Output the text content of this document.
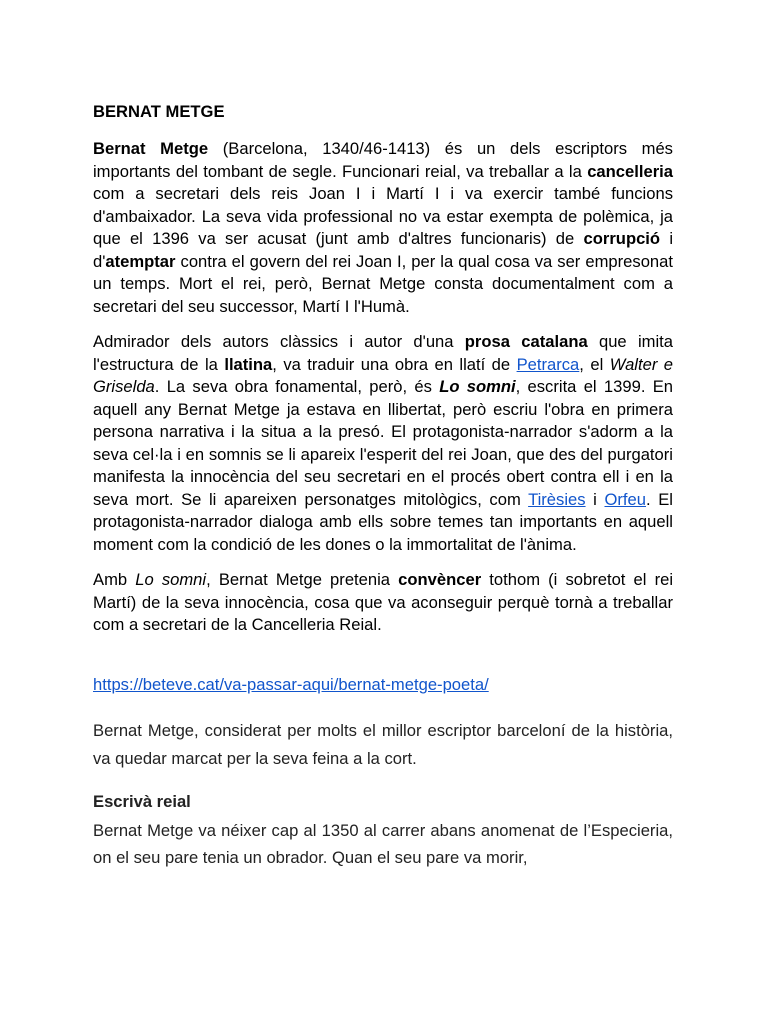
BERNAT METGE

Bernat Metge (Barcelona, 1340/46-1413) és un dels escriptors més importants del tombant de segle. Funcionari reial, va treballar a la cancelleria com a secretari dels reis Joan I i Martí I i va exercir també funcions d'ambaixador. La seva vida professional no va estar exempta de polèmica, ja que el 1396 va ser acusat (junt amb d'altres funcionaris) de corrupció i d'atemptar contra el govern del rei Joan I, per la qual cosa va ser empresonat un temps. Mort el rei, però, Bernat Metge consta documentalment com a secretari del seu successor, Martí I l'Humà.

Admirador dels autors clàssics i autor d'una prosa catalana que imita l'estructura de la llatina, va traduir una obra en llatí de Petrarca, el Walter e Griselda. La seva obra fonamental, però, és Lo somni, escrita el 1399. En aquell any Bernat Metge ja estava en llibertat, però escriu l'obra en primera persona narrativa i la situa a la presó. El protagonista-narrador s'adorm a la seva cel·la i en somnis se li apareix l'esperit del rei Joan, que des del purgatori manifesta la innocència del seu secretari en el procés obert contra ell i en la seva mort. Se li apareixen personatges mitològics, com Tirèsies i Orfeu. El protagonista-narrador dialoga amb ells sobre temes tan importants en aquell moment com la condició de les dones o la immortalitat de l'ànima.

Amb Lo somni, Bernat Metge pretenia convèncer tothom (i sobretot el rei Martí) de la seva innocència, cosa que va aconseguir perquè tornà a treballar com a secretari de la Cancelleria Reial.

https://beteve.cat/va-passar-aqui/bernat-metge-poeta/

Bernat Metge, considerat per molts el millor escriptor barceloní de la història, va quedar marcat per la seva feina a la cort.

Escrivà reial

Bernat Metge va néixer cap al 1350 al carrer abans anomenat de l’Especieria, on el seu pare tenia un obrador. Quan el seu pare va morir,
